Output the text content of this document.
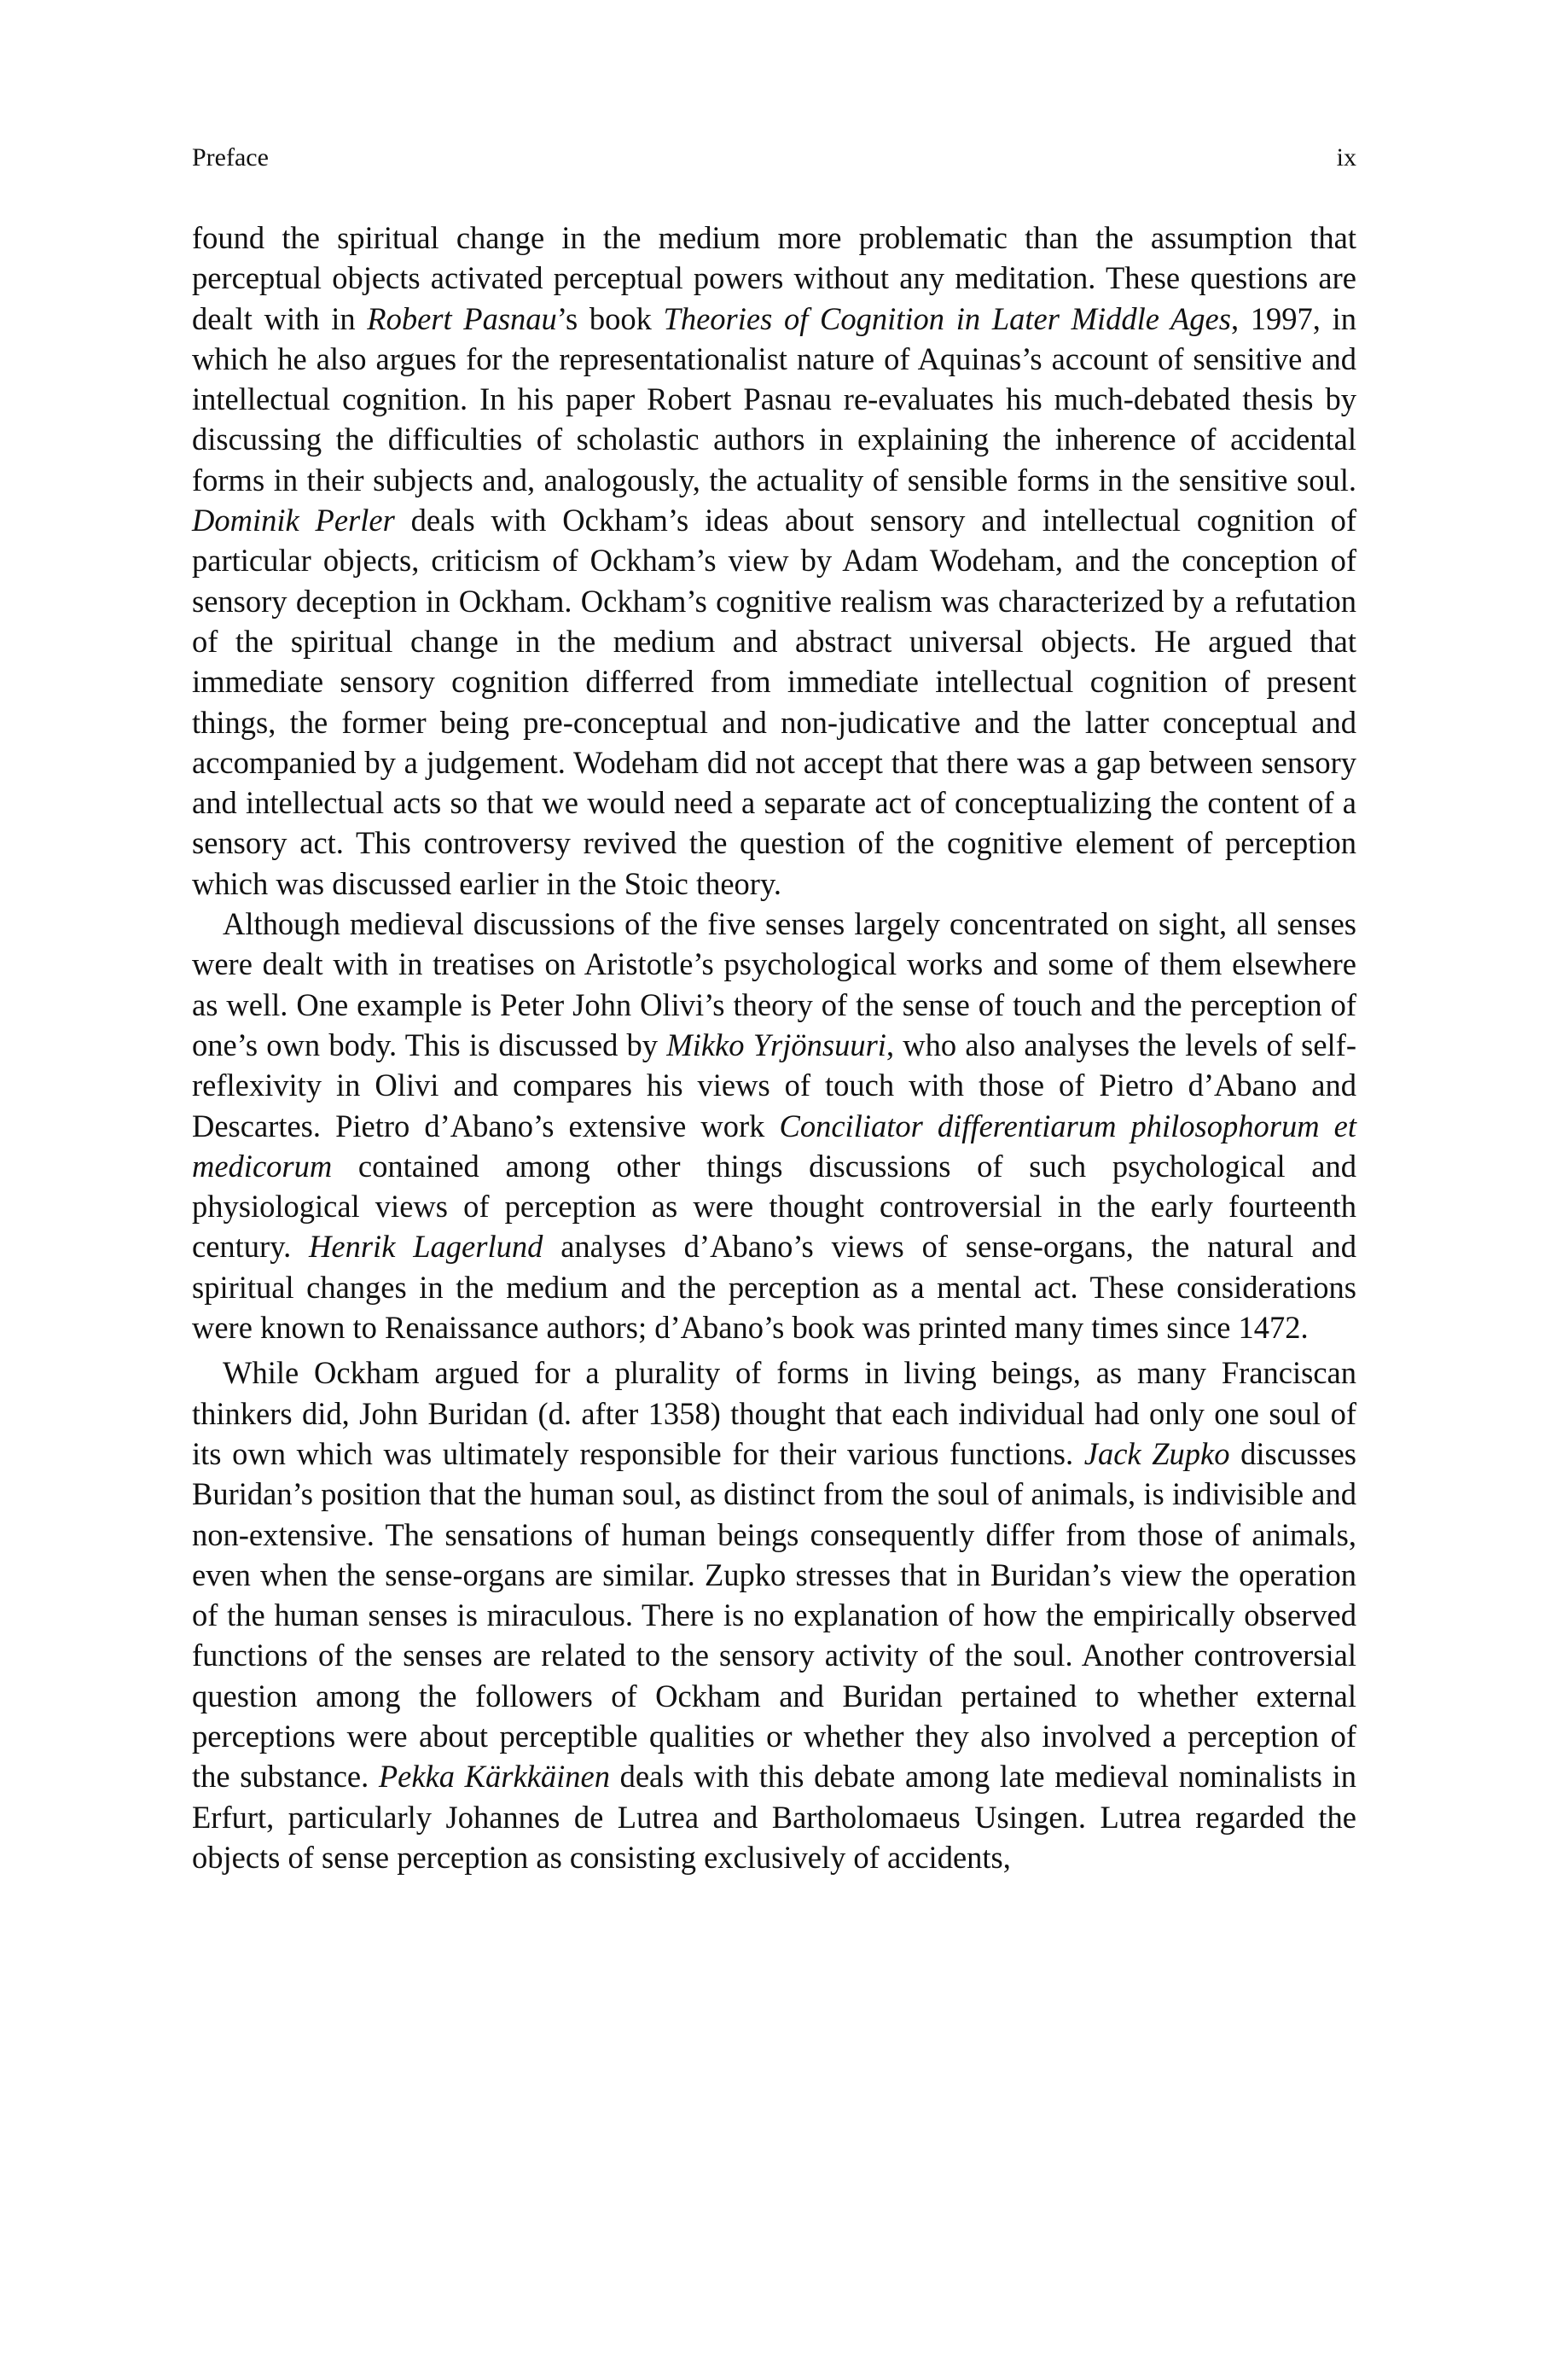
Preface	ix

found the spiritual change in the medium more problematic than the assumption that perceptual objects activated perceptual powers without any meditation. These questions are dealt with in Robert Pasnau’s book Theories of Cognition in Later Middle Ages, 1997, in which he also argues for the representationalist nature of Aquinas’s account of sensitive and intellectual cognition. In his paper Robert Pasnau re-evaluates his much-debated thesis by discussing the difficulties of scholastic authors in explaining the inherence of accidental forms in their subjects and, analogously, the actuality of sensible forms in the sensitive soul. Dominik Perler deals with Ockham’s ideas about sensory and intellectual cognition of particular objects, criticism of Ockham’s view by Adam Wodeham, and the conception of sensory deception in Ockham. Ockham’s cognitive realism was characterized by a refutation of the spiritual change in the medium and abstract universal objects. He argued that immediate sensory cognition differred from immediate intellectual cognition of present things, the former being pre-conceptual and non-judicative and the latter conceptual and accompanied by a judgement. Wodeham did not accept that there was a gap between sensory and intellectual acts so that we would need a separate act of conceptualizing the content of a sensory act. This controversy revived the question of the cognitive element of perception which was discussed earlier in the Stoic theory.

Although medieval discussions of the five senses largely concentrated on sight, all senses were dealt with in treatises on Aristotle’s psychological works and some of them elsewhere as well. One example is Peter John Olivi’s theory of the sense of touch and the perception of one’s own body. This is discussed by Mikko Yrjönsuuri, who also analyses the levels of self-reflexivity in Olivi and compares his views of touch with those of Pietro d’Abano and Descartes. Pietro d’Abano’s extensive work Conciliator differentiarum philosophorum et medicorum contained among other things discussions of such psychological and physiological views of perception as were thought controversial in the early fourteenth century. Henrik Lagerlund analyses d’Abano’s views of sense-organs, the natural and spiritual changes in the medium and the perception as a mental act. These considerations were known to Renaissance authors; d’Abano’s book was printed many times since 1472.

While Ockham argued for a plurality of forms in living beings, as many Franciscan thinkers did, John Buridan (d. after 1358) thought that each individual had only one soul of its own which was ultimately responsible for their various functions. Jack Zupko discusses Buridan’s position that the human soul, as distinct from the soul of animals, is indivisible and non-extensive. The sensations of human beings consequently differ from those of animals, even when the sense-organs are similar. Zupko stresses that in Buridan’s view the operation of the human senses is miraculous. There is no explanation of how the empirically observed functions of the senses are related to the sensory activity of the soul. Another controversial question among the followers of Ockham and Buridan pertained to whether external perceptions were about perceptible qualities or whether they also involved a perception of the substance. Pekka Kärkkäinen deals with this debate among late medieval nominalists in Erfurt, particularly Johannes de Lutrea and Bartholomaeus Usingen. Lutrea regarded the objects of sense perception as consisting exclusively of accidents,
